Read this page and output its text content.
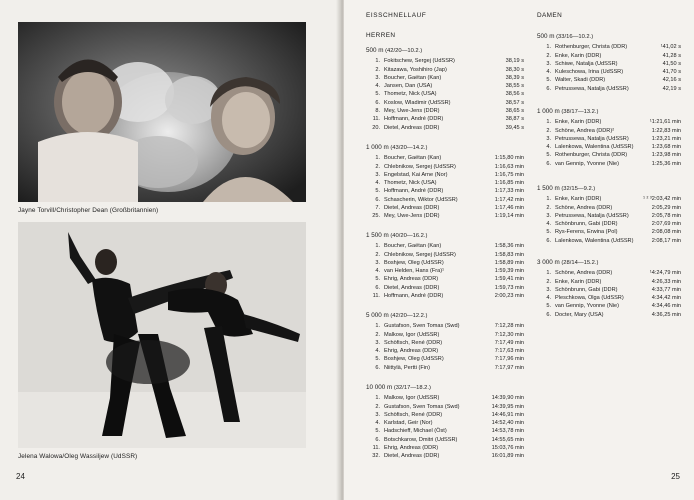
Jayne Torvill/Christopher Dean (Großbritannien)
Jelena Walowa/Oleg Wassiljew (UdSSR)
24
EISSCHNELLAUF
HERREN
DAMEN
500 m (42/20—10.2.)
1. Fokitschew, Sergej (UdSSR)	38,19 s
2. Kitazawa, Yoshihiro (Jap)	38,30 s
3. Boucher, Gaëtan (Kan)	38,39 s
4. Jansen, Dan (USA)	38,55 s
5. Thometz, Nick (USA)	38,56 s
6. Koslow, Wladimir (UdSSR)	38,57 s
8. Mey, Uwe-Jens (DDR)	38,65 s
11. Hoffmann, André (DDR)	38,87 s
20. Dietel, Andreas (DDR)	39,45 s
1 000 m (43/20—14.2.)
1. Boucher, Gaëtan (Kan)	1:15,80 min
2. Chlebnikow, Sergej (UdSSR)	1:16,63 min
3. Engelstad, Kai Arne (Nor)	1:16,75 min
4. Thometz, Nick (USA)	1:16,85 min
5. Hoffmann, André (DDR)	1:17,33 min
6. Schascherin, Wiktor (UdSSR)	1:17,42 min
7. Dietel, Andreas (DDR)	1:17,46 min
25. Mey, Uwe-Jens (DDR)	1:19,14 min
1 500 m (40/20—16.2.)
1. Boucher, Gaëtan (Kan)	1:58,36 min
2. Chlebnikow, Sergej (UdSSR)	1:58,83 min
3. Boshjew, Oleg (UdSSR)	1:58,89 min
4. van Helden, Hans (Fra)¹	1:59,39 min
5. Ehrig, Andreas (DDR)	1:59,41 min
6. Dietel, Andreas (DDR)	1:59,73 min
11. Hoffmann, André (DDR)	2:00,23 min
5 000 m (42/20—12.2.)
1. Gustafson, Sven Tomas (Swd)	7:12,28 min
2. Malkow, Igor (UdSSR)	7:12,30 min
3. Schöfisch, René (DDR)	7:17,49 min
4. Ehrig, Andreas (DDR)	7:17,63 min
5. Boshjew, Oleg (UdSSR)	7:17,96 min
6. Niittylä, Pertti (Fin)	7:17,97 min
10 000 m (32/17—18.2.)
1. Malkow, Igor (UdSSR)	14:39,90 min
2. Gustafson, Sven Tomas (Swd)	14:39,95 min
3. Schöfisch, René (DDR)	14:46,91 min
4. Karlstad, Geir (Nor)	14:52,40 min
5. Hadschieff, Michael (Öst)	14:53,78 min
6. Botschkarow, Dmitri (UdSSR)	14:55,65 min
11. Ehrig, Andreas (DDR)	15:03,76 min
32. Dietel, Andreas (DDR)	16:01,89 min
500 m (33/16—10.2.)
1. Rothenburger, Christa (DDR)	¹41,02 s
2. Enke, Karin (DDR)	41,28 s
3. Schiwe, Natalja (UdSSR)	41,50 s
4. Kuleschowa, Irina (UdSSR)	41,70 s
5. Walter, Skadi (DDR)	42,16 s
6. Petrussewa, Natalja (UdSSR)	42,19 s
1 000 m (38/17—13.2.)
1. Enke, Karin (DDR)	¹1:21,61 min
2. Schöne, Andrea (DDR)²	1:22,83 min
3. Petrussewa, Natalja (UdSSR)	1:23,21 min
4. Lalenkowa, Walentina (UdSSR)	1:23,68 min
5. Rothenburger, Christa (DDR)	1:23,98 min
6. van Gennip, Yvonne (Nie)	1:25,36 min
1 500 m (32/15—9.2.)
1. Enke, Karin (DDR)	¹ ² ³2:03,42 min
2. Schöne, Andrea (DDR)	2:05,29 min
3. Petrussewa, Natalja (UdSSR)	2:05,78 min
4. Schönbrunn, Gabi (DDR)	2:07,69 min
5. Rys-Ferens, Erwina (Pol)	2:08,08 min
6. Lalenkowa, Walentina (UdSSR)	2:08,17 min
3 000 m (28/14—15.2.)
1. Schöne, Andrea (DDR)	¹4:24,79 min
2. Enke, Karin (DDR)	4:26,33 min
3. Schönbrunn, Gabi (DDR)	4:33,77 min
4. Pleschkowa, Olga (UdSSR)	4:34,42 min
5. van Gennip, Yvonne (Nie)	4:34,46 min
6. Docter, Mary (USA)	4:36,25 min
25
